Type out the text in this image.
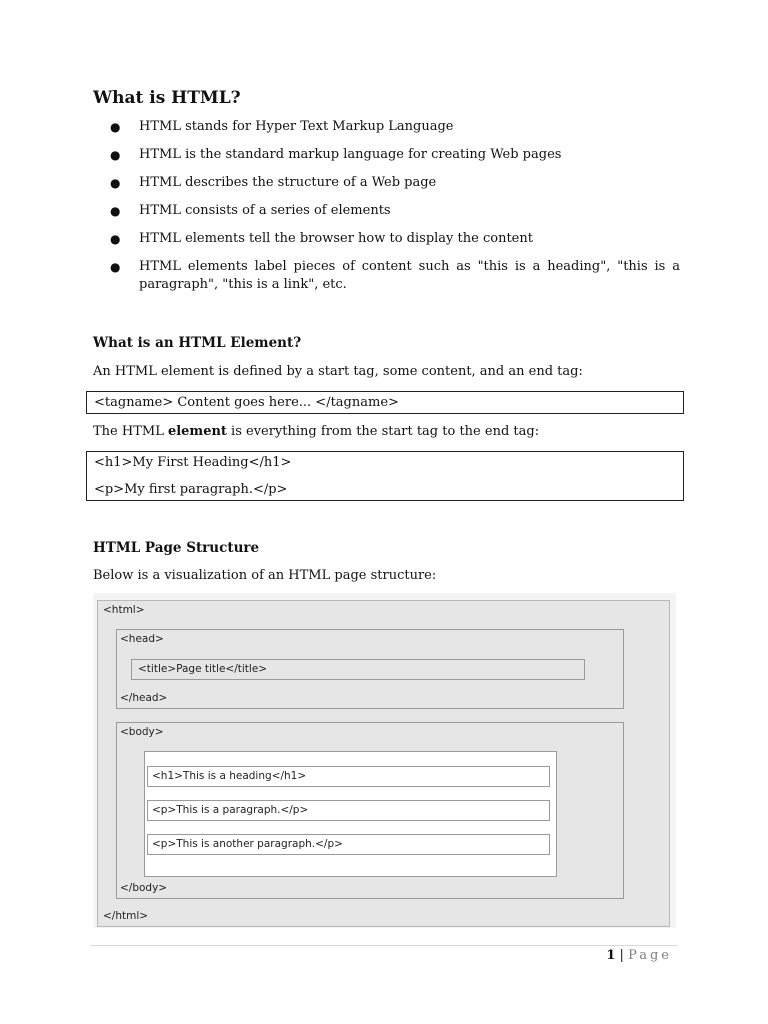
What is HTML?
● HTML stands for Hyper Text Markup Language
● HTML is the standard markup language for creating Web pages
● HTML describes the structure of a Web page
● HTML consists of a series of elements
● HTML elements tell the browser how to display the content
● HTML elements label pieces of content such as "this is a heading", "this is a paragraph", "this is a link", etc.
What is an HTML Element?
An HTML element is defined by a start tag, some content, and an end tag:
<tagname> Content goes here... </tagname>
The HTML element is everything from the start tag to the end tag:
<h1>My First Heading</h1>
<p>My first paragraph.</p>
HTML Page Structure
Below is a visualization of an HTML page structure:
<html>
<head>
<title>Page title</title>
</head>
<body>
<h1>This is a heading</h1>
<p>This is a paragraph.</p>
<p>This is another paragraph.</p>
</body>
</html>
1 | Page
